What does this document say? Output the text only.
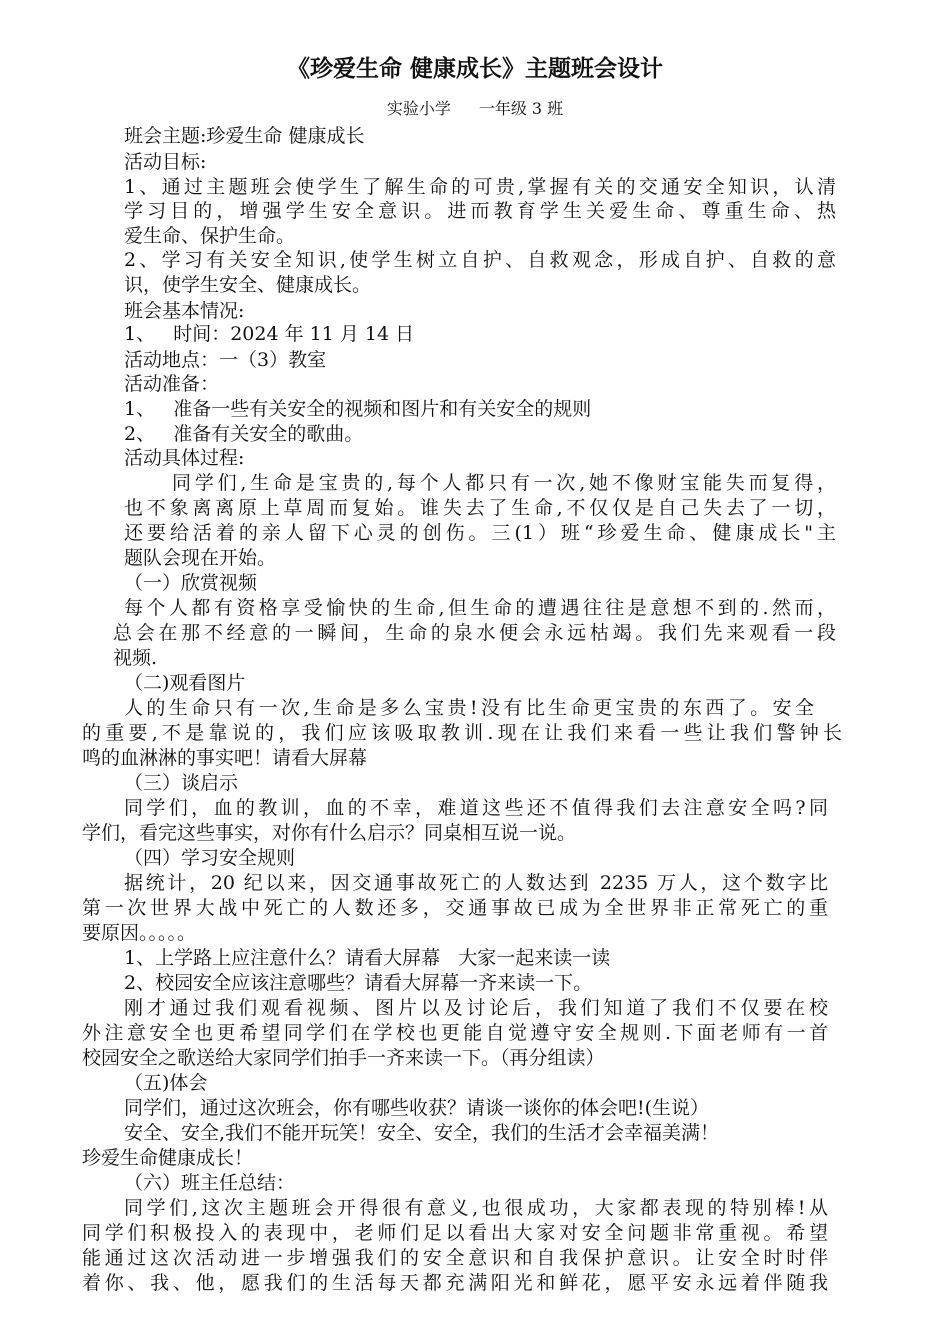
《珍爱生命 健康成长》主题班会设计
实验小学 一年级 3 班
班会主题:珍爱生命 健康成长
活动目标:
1、通过主题班会使学生了解生命的可贵,掌握有关的交通安全知识，认清
学习目的，增强学生安全意识。进而教育学生关爱生命、尊重生命、热
爱生命、保护生命。
2、学习有关安全知识,使学生树立自护、自救观念，形成自护、自救的意
识，使学生安全、健康成长。
班会基本情况:
1、   时间：2024 年 11 月 14 日
活动地点：一（3）教室
活动准备：
1、   准备一些有关安全的视频和图片和有关安全的规则
2、   准备有关安全的歌曲。
活动具体过程:
同学们,生命是宝贵的,每个人都只有一次,她不像财宝能失而复得，
也不象离离原上草周而复始。谁失去了生命,不仅仅是自己失去了一切，
还要给活着的亲人留下心灵的创伤。三(1）班“珍爱生命、健康成长"主
题队会现在开始。
（一）欣赏视频
每个人都有资格享受愉快的生命,但生命的遭遇往往是意想不到的.然而，
总会在那不经意的一瞬间，生命的泉水便会永远枯竭。我们先来观看一段
视频.
（二)观看图片
人的生命只有一次,生命是多么宝贵!没有比生命更宝贵的东西了。安全
的重要,不是靠说的，我们应该吸取教训.现在让我们来看一些让我们警钟长
鸣的血淋淋的事实吧！请看大屏幕
（三）谈启示
同学们，血的教训，血的不幸，难道这些还不值得我们去注意安全吗?同
学们，看完这些事实，对你有什么启示？同桌相互说一说。
（四）学习安全规则
据统计，20 纪以来，因交通事故死亡的人数达到 2235 万人，这个数字比
第一次世界大战中死亡的人数还多，交通事故已成为全世界非正常死亡的重
要原因。。。。。
1、上学路上应注意什么？请看大屏幕   大家一起来读一读
2、校园安全应该注意哪些？请看大屏幕一齐来读一下。
刚才通过我们观看视频、图片以及讨论后，我们知道了我们不仅要在校
外注意安全也更希望同学们在学校也更能自觉遵守安全规则.下面老师有一首
校园安全之歌送给大家同学们拍手一齐来读一下。（再分组读）
（五)体会
同学们，通过这次班会，你有哪些收获？请谈一谈你的体会吧!(生说）
安全、安全,我们不能开玩笑！安全、安全，我们的生活才会幸福美满！
珍爱生命健康成长！
（六）班主任总结：
同学们,这次主题班会开得很有意义,也很成功，大家都表现的特别棒!从
同学们积极投入的表现中，老师们足以看出大家对安全问题非常重视。希望
能通过这次活动进一步增强我们的安全意识和自我保护意识。让安全时时伴
着你、我、他，愿我们的生活每天都充满阳光和鲜花，愿平安永远着伴随我
